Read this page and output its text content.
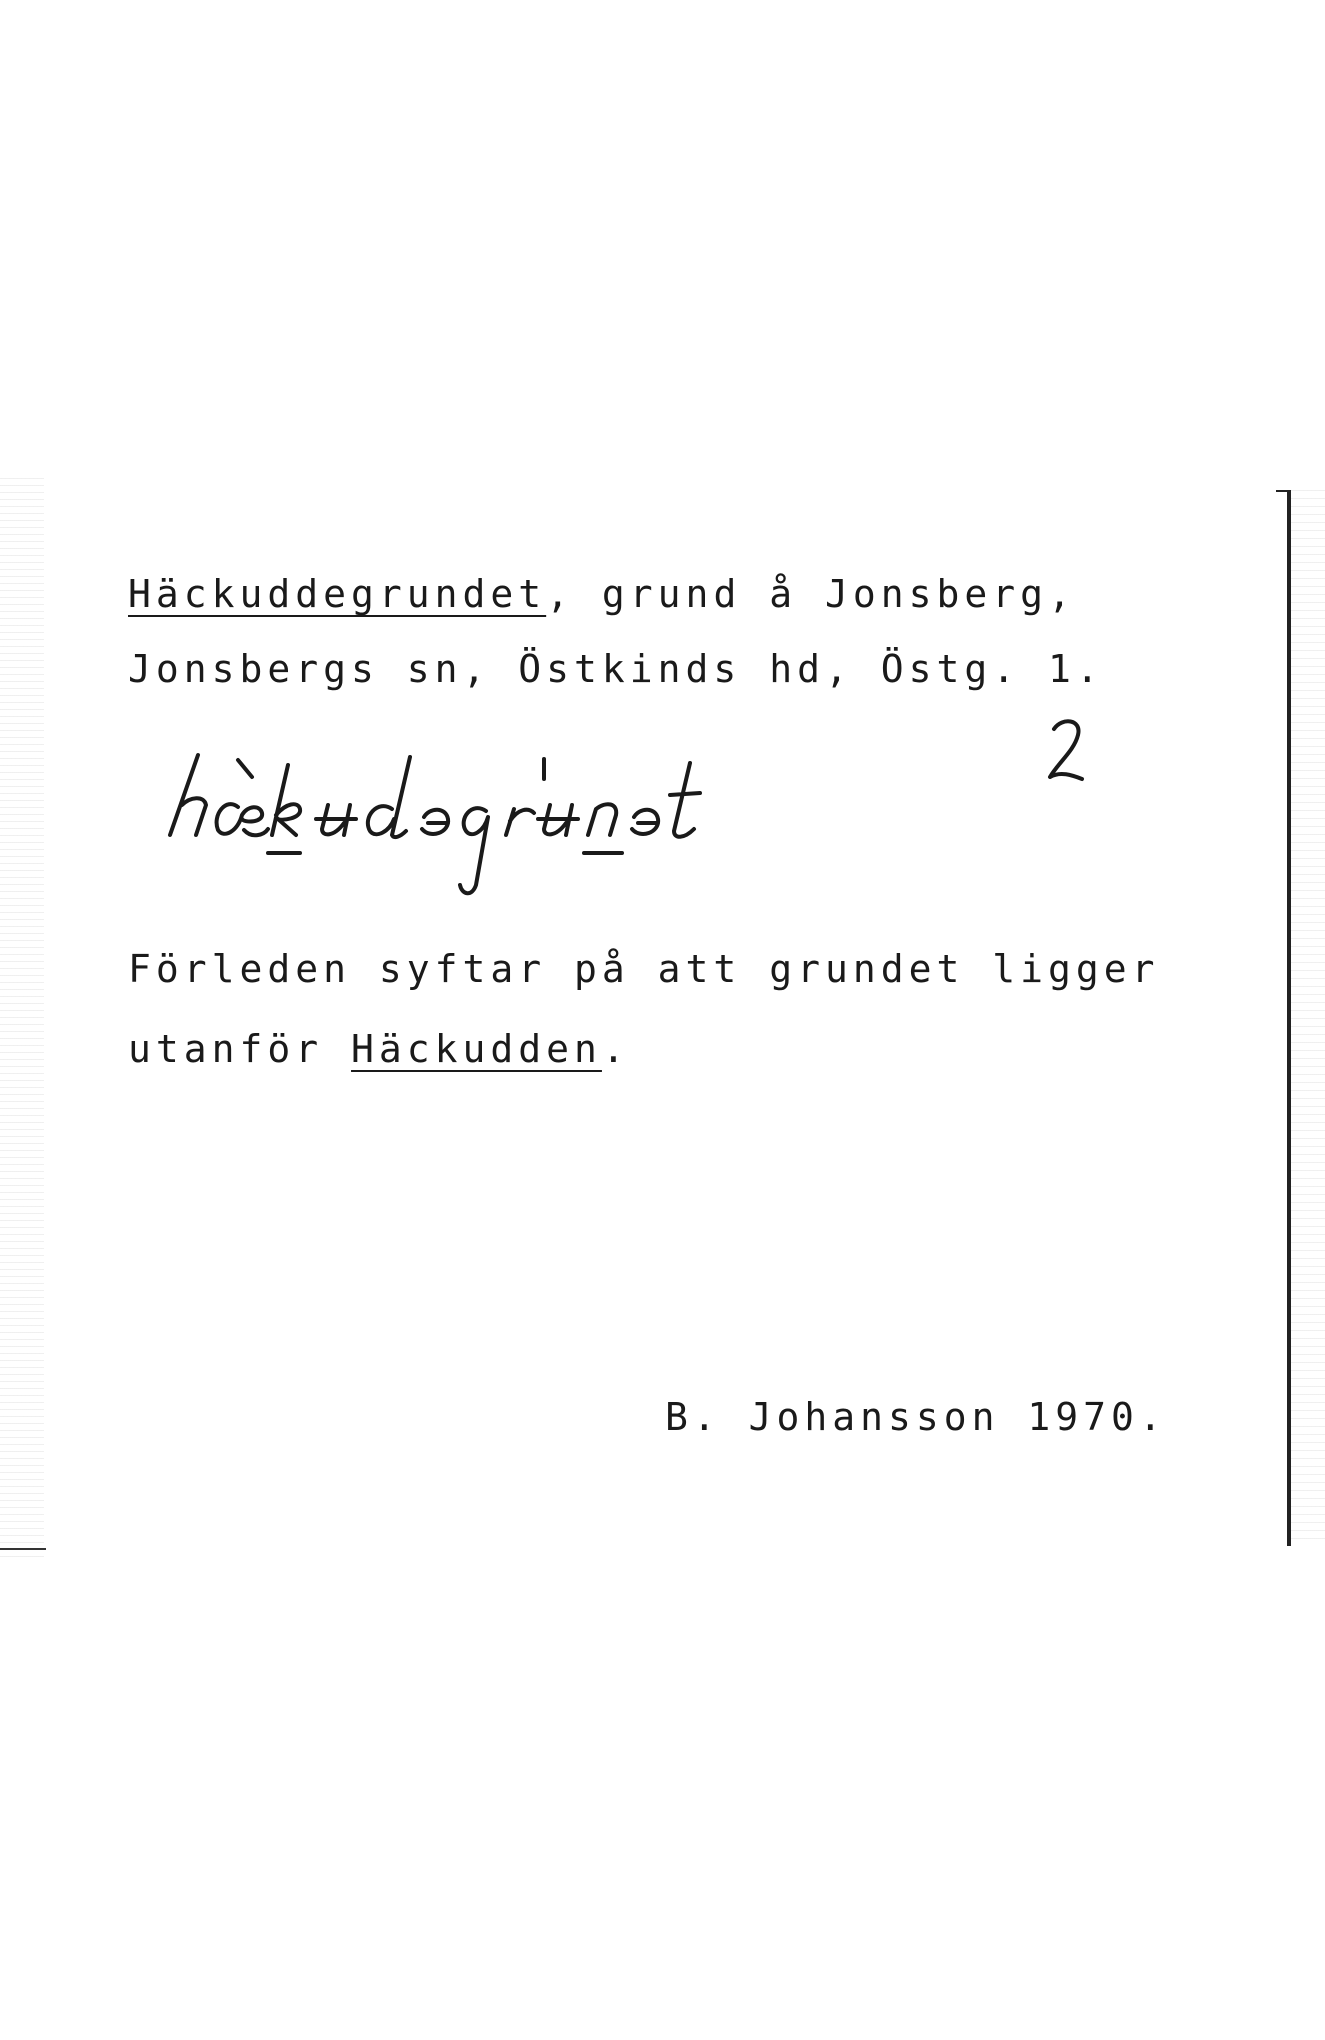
Häckuddegrundet, grund å Jonsberg,
Jonsbergs sn, Östkinds hd, Östg. 1.
Förleden syftar på att grundet ligger
utanför Häckudden.
B. Johansson 1970.
